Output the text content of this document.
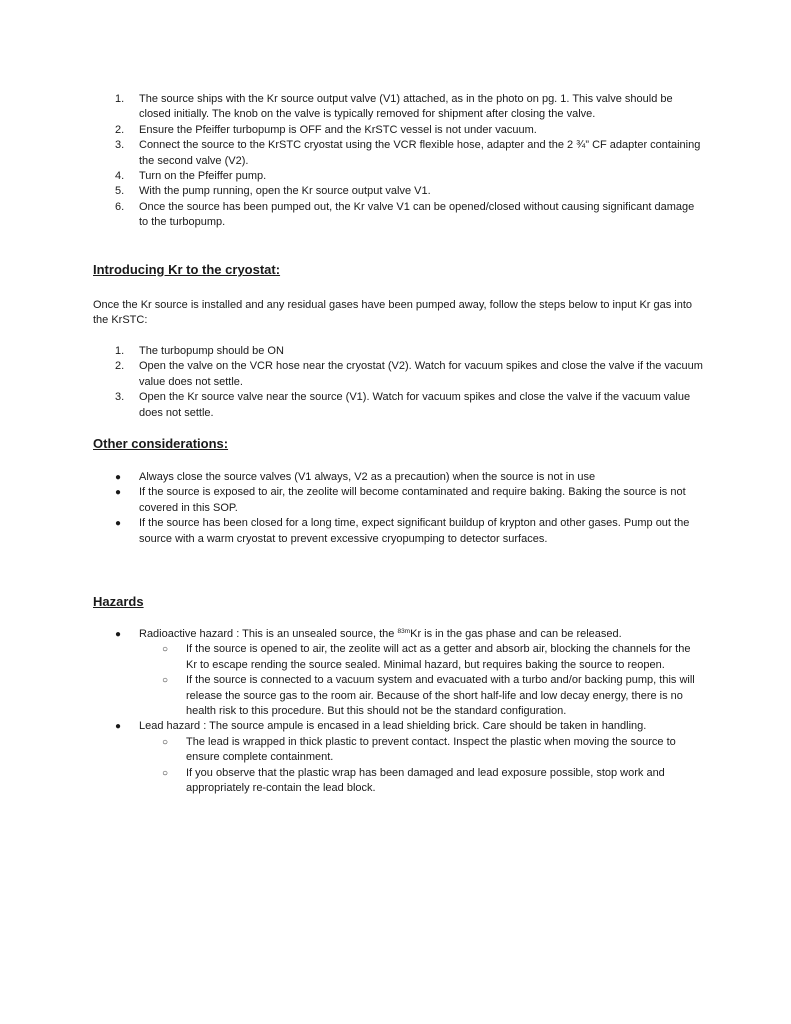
1. The source ships with the Kr source output valve (V1) attached, as in the photo on pg. 1. This valve should be closed initially. The knob on the valve is typically removed for shipment after closing the valve.
2. Ensure the Pfeiffer turbopump is OFF and the KrSTC vessel is not under vacuum.
3. Connect the source to the KrSTC cryostat using the VCR flexible hose, adapter and the 2 ¾” CF adapter containing the second valve (V2).
4. Turn on the Pfeiffer pump.
5. With the pump running, open the Kr source output valve V1.
6. Once the source has been pumped out, the Kr valve V1 can be opened/closed without causing significant damage to the turbopump.
Introducing Kr to the cryostat:

Once the Kr source is installed and any residual gases have been pumped away, follow the steps below to input Kr gas into the KrSTC:

1. The turbopump should be ON
2. Open the valve on the VCR hose near the cryostat (V2). Watch for vacuum spikes and close the valve if the vacuum value does not settle.
3. Open the Kr source valve near the source (V1). Watch for vacuum spikes and close the valve if the vacuum value does not settle.
Other considerations:
● Always close the source valves (V1 always, V2 as a precaution) when the source is not in use
● If the source is exposed to air, the zeolite will become contaminated and require baking. Baking the source is not covered in this SOP.
● If the source has been closed for a long time, expect significant buildup of krypton and other gases. Pump out the source with a warm cryostat to prevent excessive cryopumping to detector surfaces.
Hazards
● Radioactive hazard : This is an unsealed source, the $^{83m}$Kr is in the gas phase and can be released.
○ If the source is opened to air, the zeolite will act as a getter and absorb air, blocking the channels for the Kr to escape rending the source sealed. Minimal hazard, but requires baking the source to reopen.
○ If the source is connected to a vacuum system and evacuated with a turbo and/or backing pump, this will release the source gas to the room air. Because of the short half-life and low decay energy, there is no health risk to this procedure. But this should not be the standard configuration.
● Lead hazard : The source ampule is encased in a lead shielding brick. Care should be taken in handling.
○ The lead is wrapped in thick plastic to prevent contact. Inspect the plastic when moving the source to ensure complete containment.
○ If you observe that the plastic wrap has been damaged and lead exposure possible, stop work and appropriately re-contain the lead block.
